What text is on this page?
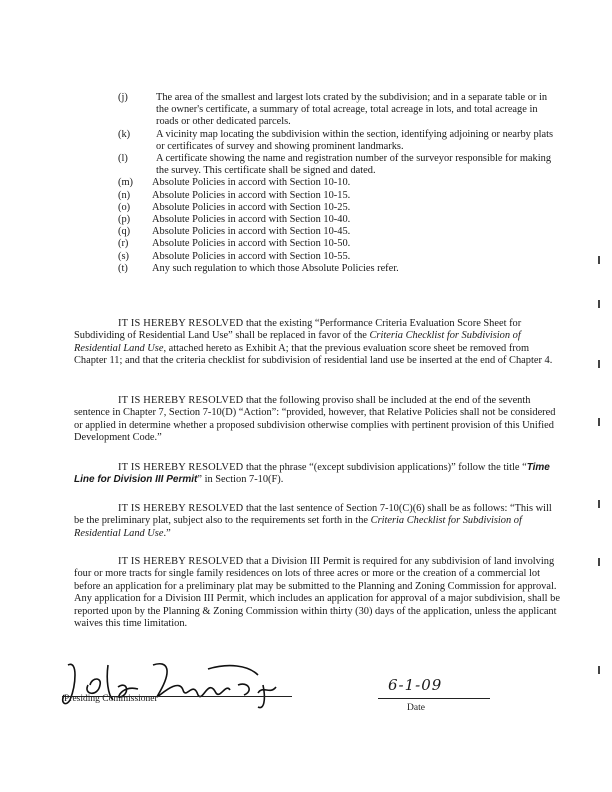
(j)	The area of the smallest and largest lots crated by the subdivision; and in a separate table or in the owner's certificate, a summary of total acreage, total acreage in lots, and total acreage in roads or other dedicated parcels.
(k)	A vicinity map locating the subdivision within the section, identifying adjoining or nearby plats or certificates of survey and showing prominent landmarks.
(l)	A certificate showing the name and registration number of the surveyor responsible for making the survey. This certificate shall be signed and dated.
(m)	Absolute Policies in accord with Section 10-10.
(n)	Absolute Policies in accord with Section 10-15.
(o)	Absolute Policies in accord with Section 10-25.
(p)	Absolute Policies in accord with Section 10-40.
(q)	Absolute Policies in accord with Section 10-45.
(r)	Absolute Policies in accord with Section 10-50.
(s)	Absolute Policies in accord with Section 10-55.
(t)	Any such regulation to which those Absolute Policies refer.

IT IS HEREBY RESOLVED that the existing “Performance Criteria Evaluation Score Sheet for Subdividing of Residential Land Use” shall be replaced in favor of the Criteria Checklist for Subdivision of Residential Land Use, attached hereto as Exhibit A; that the previous evaluation score sheet be removed from Chapter 11; and that the criteria checklist for subdivision of residential land use be inserted at the end of Chapter 4.

IT IS HEREBY RESOLVED that the following proviso shall be included at the end of the seventh sentence in Chapter 7, Section 7-10(D) “Action”: “provided, however, that Relative Policies shall not be considered or applied in determine whether a proposed subdivision otherwise complies with pertinent provision of this Unified Development Code.”

IT IS HEREBY RESOLVED that the phrase “(except subdivision applications)” follow the title “Time Line for Division III Permit” in Section 7-10(F).

IT IS HEREBY RESOLVED that the last sentence of Section 7-10(C)(6) shall be as follows: “This will be the preliminary plat, subject also to the requirements set forth in the Criteria Checklist for Subdivision of Residential Land Use.”

IT IS HEREBY RESOLVED that a Division III Permit is required for any subdivision of land involving four or more tracts for single family residences on lots of three acres or more or the creation of a commercial lot before an application for a preliminary plat may be submitted to the Planning and Zoning Commission for approval. Any application for a Division III Permit, which includes an application for approval of a major subdivision, shall be reported upon by the Planning & Zoning Commission within thirty (30) days of the application, unless the applicant waives this time limitation.

Presiding Commissioner
6-1-09
Date
